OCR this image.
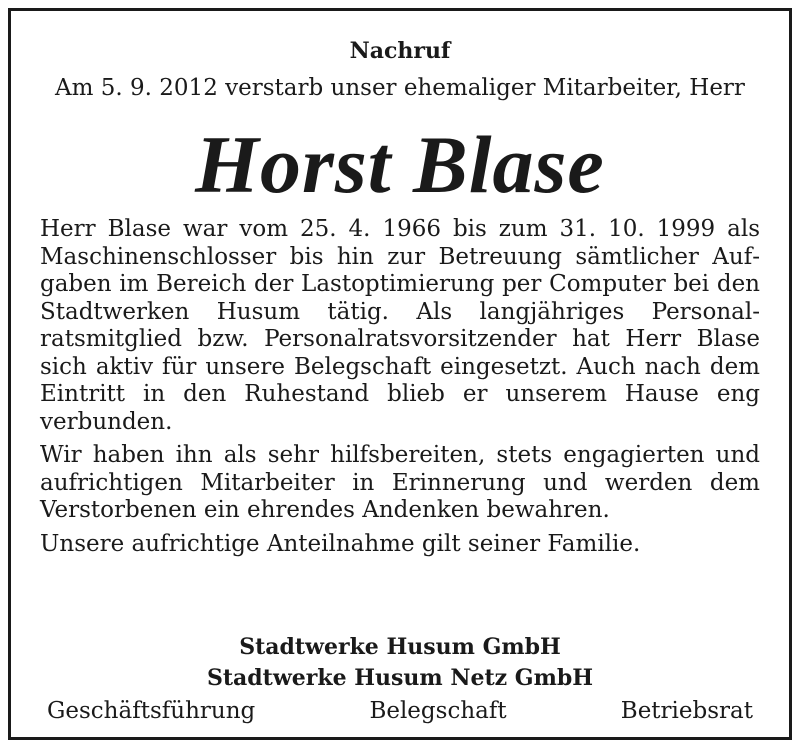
Nachruf
Am 5. 9. 2012 verstarb unser ehemaliger Mitarbeiter, Herr
Horst Blase

Herr Blase war vom 25. 4. 1966 bis zum 31. 10. 1999 als Maschinenschlosser bis hin zur Betreuung sämtlicher Aufgaben im Bereich der Lastoptimierung per Computer bei den Stadtwerken Husum tätig. Als langjähriges Personalratsmitglied bzw. Personalratsvorsitzender hat Herr Blase sich aktiv für unsere Belegschaft eingesetzt. Auch nach dem Eintritt in den Ruhestand blieb er unserem Hause eng verbunden.

Wir haben ihn als sehr hilfsbereiten, stets engagierten und aufrichtigen Mitarbeiter in Erinnerung und werden dem Verstorbenen ein ehrendes Andenken bewahren.

Unsere aufrichtige Anteilnahme gilt seiner Familie.

Stadtwerke Husum GmbH
Stadtwerke Husum Netz GmbH
Geschäftsführung	Belegschaft	Betriebsrat
